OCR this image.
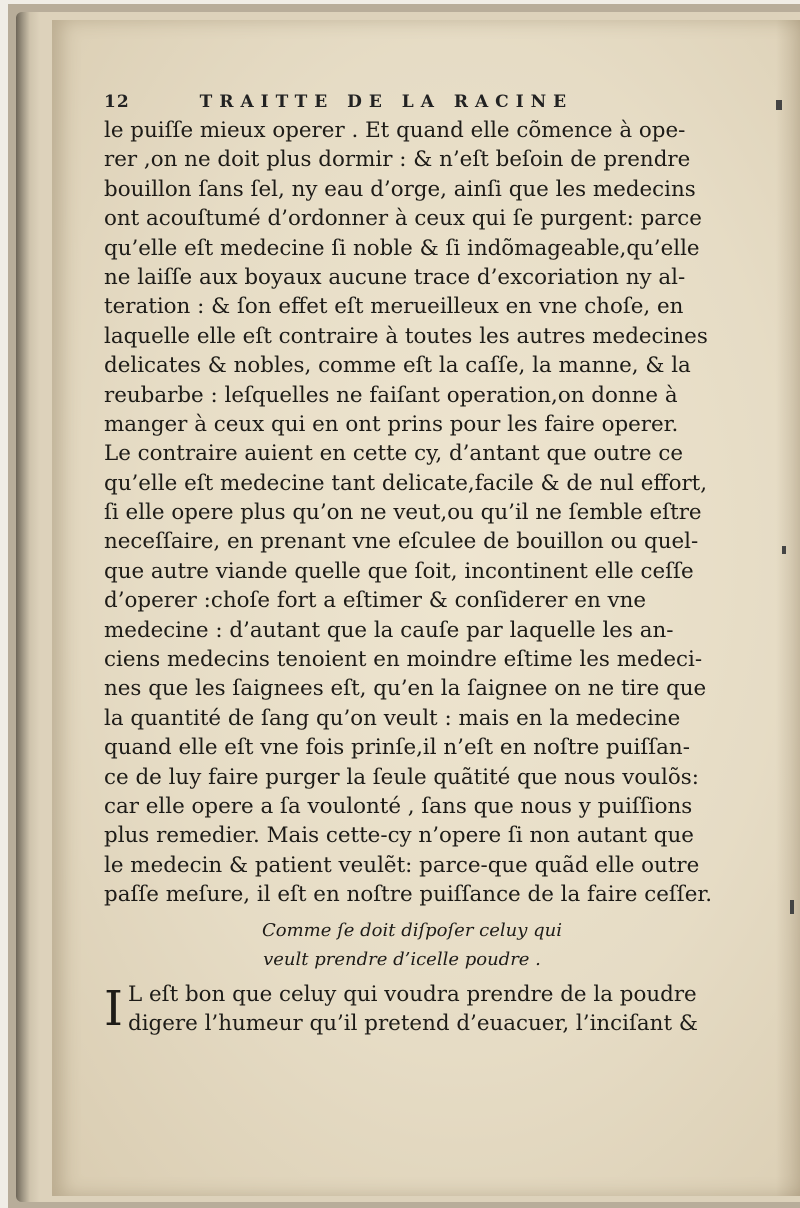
12	TRAITTE DE LA RACINE
le puiſſe mieux operer . Et quand elle cõmence à ope-
rer ,on ne doit plus dormir : & n’eſt beſoin de prendre
bouillon ſans ſel, ny eau d’orge, ainſi que les medecins
ont acouſtumé d’ordonner à ceux qui ſe purgent: parce
qu’elle eſt medecine ſi noble & ſi indõmageable,qu’elle
ne laiſſe aux boyaux aucune trace d’excoriation ny al-
teration : & ſon effet eſt merueilleux en vne choſe, en
laquelle elle eſt contraire à toutes les autres medecines
delicates & nobles, comme eſt la caſſe, la manne, & la
reubarbe : leſquelles ne faiſant operation,on donne à
manger à ceux qui en ont prins pour les faire operer.
Le contraire auient en cette cy, d’antant que outre ce
qu’elle eſt medecine tant delicate,facile & de nul effort,
ſi elle opere plus qu’on ne veut,ou qu’il ne ſemble eſtre
neceſſaire, en prenant vne eſculee de bouillon ou quel-
que autre viande quelle que ſoit, incontinent elle ceſſe
d’operer :choſe fort a eſtimer & conſiderer en vne
medecine : d’autant que la cauſe par laquelle les an-
ciens medecins tenoient en moindre eſtime les medeci-
nes que les ſaignees eſt, qu’en la ſaignee on ne tire que
la quantité de ſang qu’on veult : mais en la medecine
quand elle eſt vne fois prinſe,il n’eſt en noſtre puiſſan-
ce de luy faire purger la ſeule quãtité que nous voulõs:
car elle opere a ſa voulonté , ſans que nous y puiſſions
plus remedier. Mais cette-cy n’opere ſi non autant que
le medecin & patient veulẽt: parce-que quãd elle outre
paſſe meſure, il eſt en noſtre puiſſance de la faire ceſſer.
Comme ſe doit diſpoſer celuy qui
veult prendre d’icelle poudre .
I L eſt bon que celuy qui voudra prendre de la poudre
digere l’humeur qu’il pretend d’euacuer, l’inciſant &
